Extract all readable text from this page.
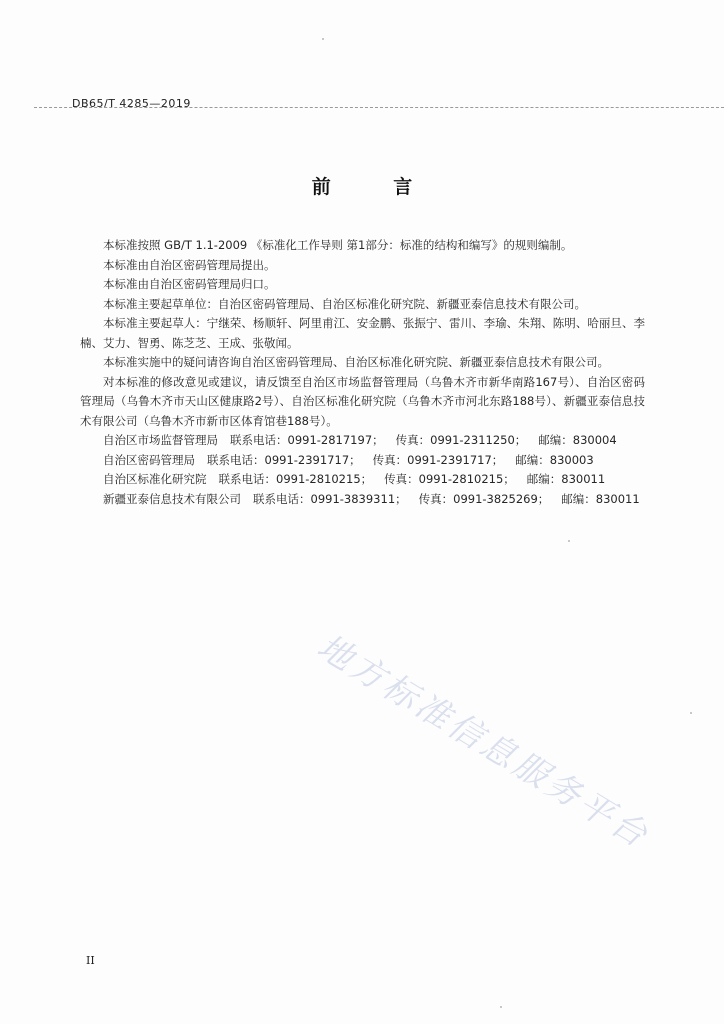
DB65/T 4285—2019
前 言

本标准按照 GB/T 1.1-2009 《标准化工作导则 第1部分：标准的结构和编写》的规则编制。

本标准由自治区密码管理局提出。

本标准由自治区密码管理局归口。

本标准主要起草单位：自治区密码管理局、自治区标准化研究院、新疆亚泰信息技术有限公司。

本标准主要起草人：宁继荣、杨顺轩、阿里甫江、安金鹏、张振宁、雷川、李瑜、朱翔、陈明、哈丽旦、李楠、艾力、智勇、陈芝芝、王成、张敬闻。

本标准实施中的疑问请咨询自治区密码管理局、自治区标准化研究院、新疆亚泰信息技术有限公司。

对本标准的修改意见或建议，请反馈至自治区市场监督管理局（乌鲁木齐市新华南路167号）、自治区密码管理局（乌鲁木齐市天山区健康路2号）、自治区标准化研究院（乌鲁木齐市河北东路188号）、新疆亚泰信息技术有限公司（乌鲁木齐市新市区体育馆巷188号）。

自治区市场监督管理局 联系电话：0991-2817197； 传真：0991-2311250； 邮编：830004
自治区密码管理局 联系电话：0991-2391717； 传真：0991-2391717； 邮编：830003
自治区标准化研究院 联系电话：0991-2810215； 传真：0991-2810215； 邮编：830011
新疆亚泰信息技术有限公司 联系电话：0991-3839311； 传真：0991-3825269； 邮编：830011
地方标准信息服务平台
II
